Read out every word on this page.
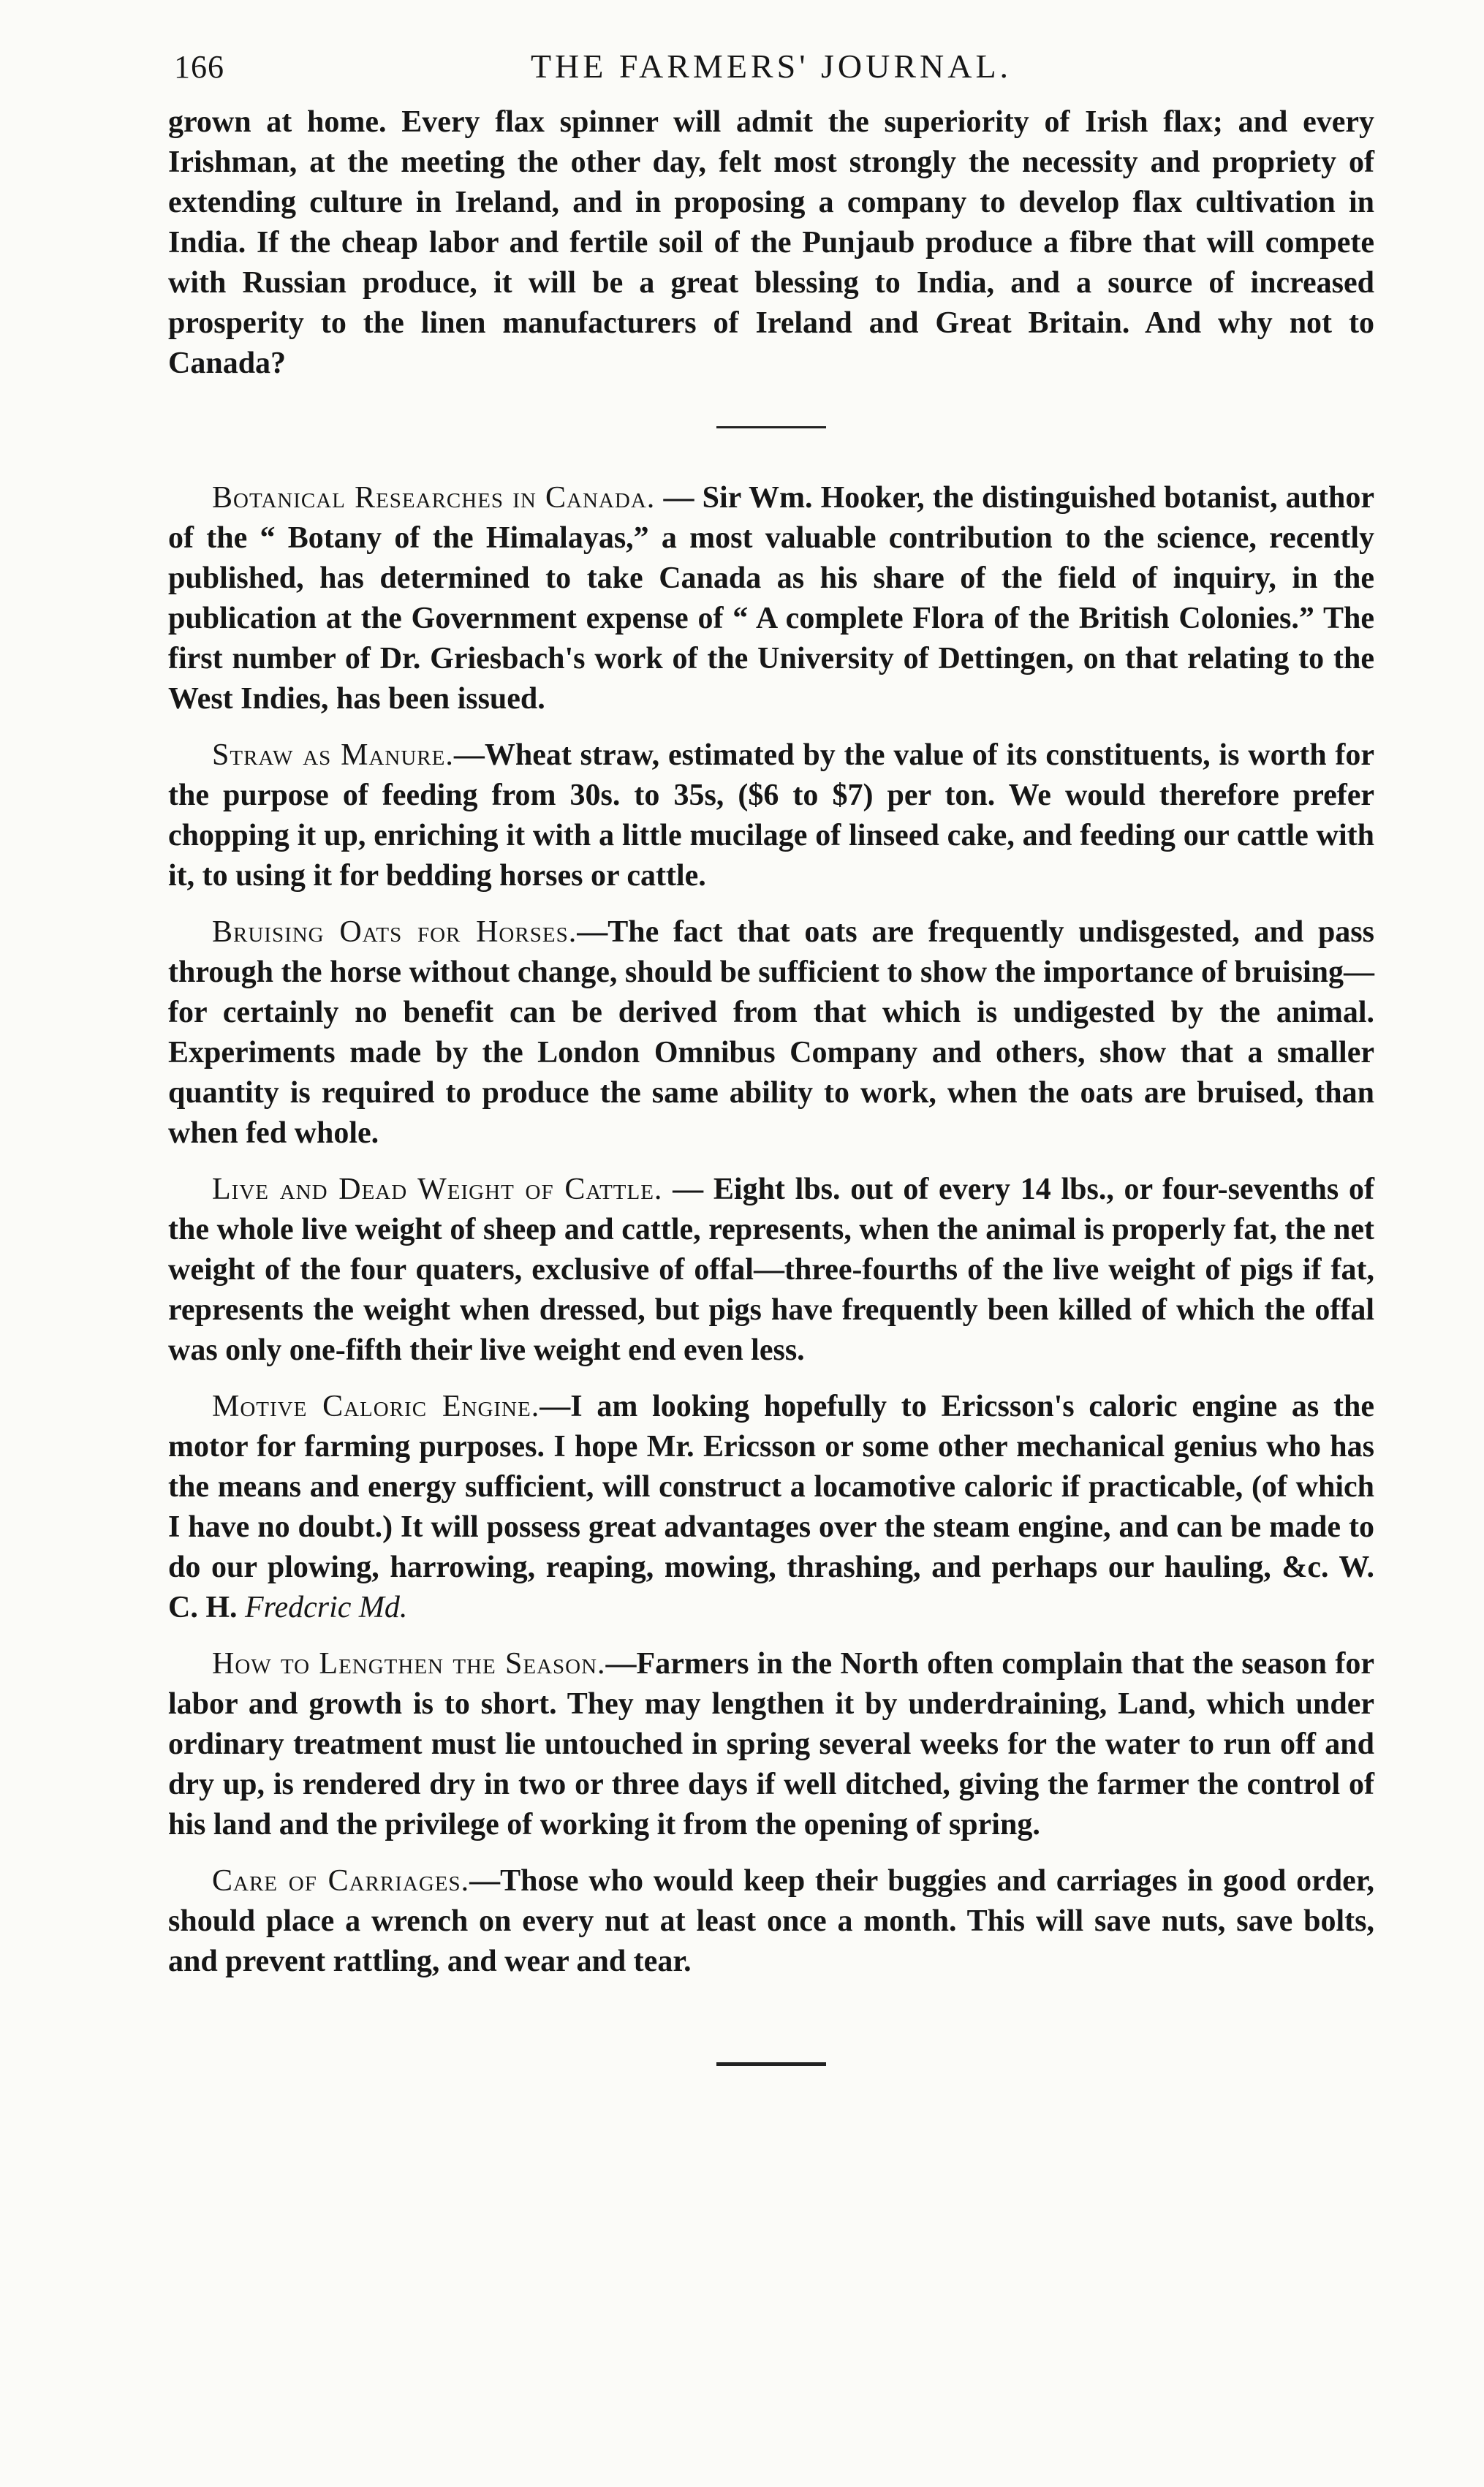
166	THE FARMERS' JOURNAL.

grown at home. Every flax spinner will admit the superiority of Irish flax; and every Irishman, at the meeting the other day, felt most strongly the necessity and propriety of extending culture in Ireland, and in proposing a company to develop flax cultivation in India. If the cheap labor and fertile soil of the Punjaub produce a fibre that will compete with Russian produce, it will be a great blessing to India, and a source of increased prosperity to the linen manufacturers of Ireland and Great Britain. And why not to Canada?

Botanical Researches in Canada. — Sir Wm. Hooker, the distinguished botanist, author of the “ Botany of the Himalayas,” a most valuable contribution to the science, recently published, has determined to take Canada as his share of the field of inquiry, in the publication at the Government expense of “ A complete Flora of the British Colonies.” The first number of Dr. Griesbach's work of the University of Dettingen, on that relating to the West Indies, has been issued.

Straw as Manure.—Wheat straw, estimated by the value of its constituents, is worth for the purpose of feeding from 30s. to 35s, ($6 to $7) per ton. We would therefore prefer chopping it up, enriching it with a little mucilage of linseed cake, and feeding our cattle with it, to using it for bedding horses or cattle.

Bruising Oats for Horses.—The fact that oats are frequently undisgested, and pass through the horse without change, should be sufficient to show the importance of bruising—for certainly no benefit can be derived from that which is undigested by the animal. Experiments made by the London Omnibus Company and others, show that a smaller quantity is required to produce the same ability to work, when the oats are bruised, than when fed whole.

Live and Dead Weight of Cattle. — Eight lbs. out of every 14 lbs., or four-sevenths of the whole live weight of sheep and cattle, represents, when the animal is properly fat, the net weight of the four quaters, exclusive of offal—three-fourths of the live weight of pigs if fat, represents the weight when dressed, but pigs have frequently been killed of which the offal was only one-fifth their live weight end even less.

Motive Caloric Engine.—I am looking hopefully to Ericsson's caloric engine as the motor for farming purposes. I hope Mr. Ericsson or some other mechanical genius who has the means and energy sufficient, will construct a locamotive caloric if practicable, (of which I have no doubt.) It will possess great advantages over the steam engine, and can be made to do our plowing, harrowing, reaping, mowing, thrashing, and perhaps our hauling, &c. W. C. H. Fredcric Md.

How to Lengthen the Season.—Farmers in the North often complain that the season for labor and growth is to short. They may lengthen it by underdraining, Land, which under ordinary treatment must lie untouched in spring several weeks for the water to run off and dry up, is rendered dry in two or three days if well ditched, giving the farmer the control of his land and the privilege of working it from the opening of spring.

Care of Carriages.—Those who would keep their buggies and carriages in good order, should place a wrench on every nut at least once a month. This will save nuts, save bolts, and prevent rattling, and wear and tear.
